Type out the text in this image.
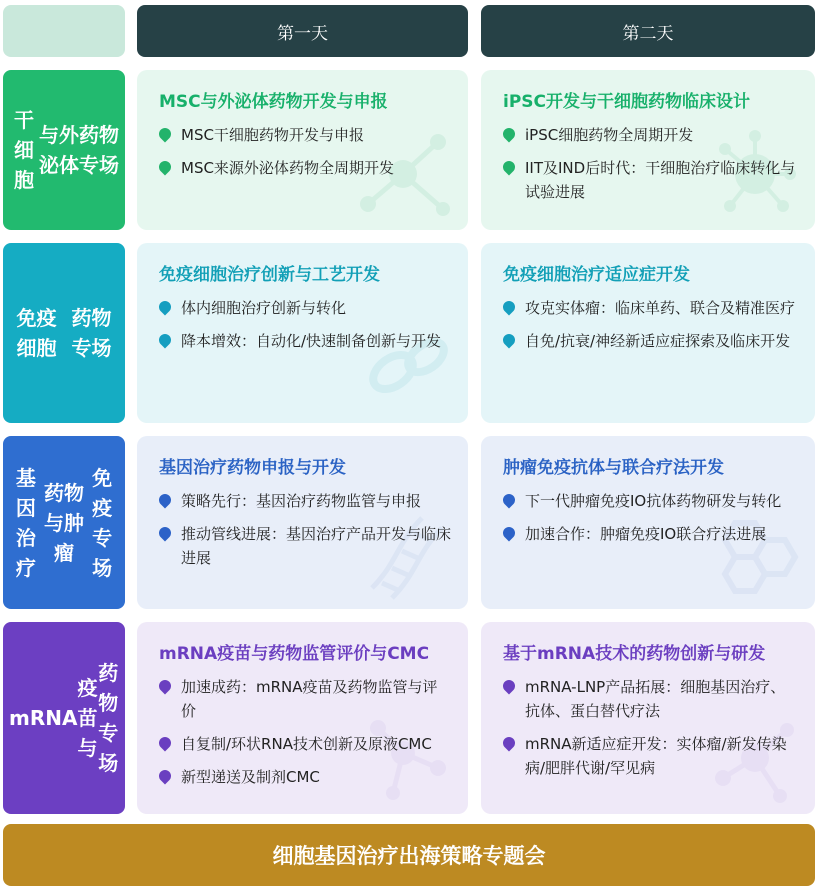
第一天	第二天
干细胞

与外泌体

药物专场
MSC与外泌体药物开发与申报
MSC干细胞药物开发与申报
MSC来源外泌体药物全周期开发
iPSC开发与干细胞药物临床设计
iPSC细胞药物全周期开发
IIT及IND后时代：干细胞治疗临床转化与试验进展
免疫细胞

药物专场
免疫细胞治疗创新与工艺开发
体内细胞治疗创新与转化
降本增效：自动化/快速制备创新与开发
免疫细胞治疗适应症开发
攻克实体瘤：临床单药、联合及精准医疗
自免/抗衰/神经新适应症探索及临床开发
基因治疗

药物与肿瘤

免疫专场
基因治疗药物申报与开发
策略先行：基因治疗药物监管与申报
推动管线进展：基因治疗产品开发与临床进展
肿瘤免疫抗体与联合疗法开发
下一代肿瘤免疫IO抗体药物研发与转化
加速合作：肿瘤免疫IO联合疗法进展
mRNA

疫苗与

药物专场
mRNA疫苗与药物监管评价与CMC
加速成药：mRNA疫苗及药物监管与评价
自复制/环状RNA技术创新及原液CMC
新型递送及制剂CMC
基于mRNA技术的药物创新与研发
mRNA-LNP产品拓展：细胞基因治疗、抗体、蛋白替代疗法
mRNA新适应症开发：实体瘤/新发传染病/肥胖代谢/罕见病
细胞基因治疗出海策略专题会
